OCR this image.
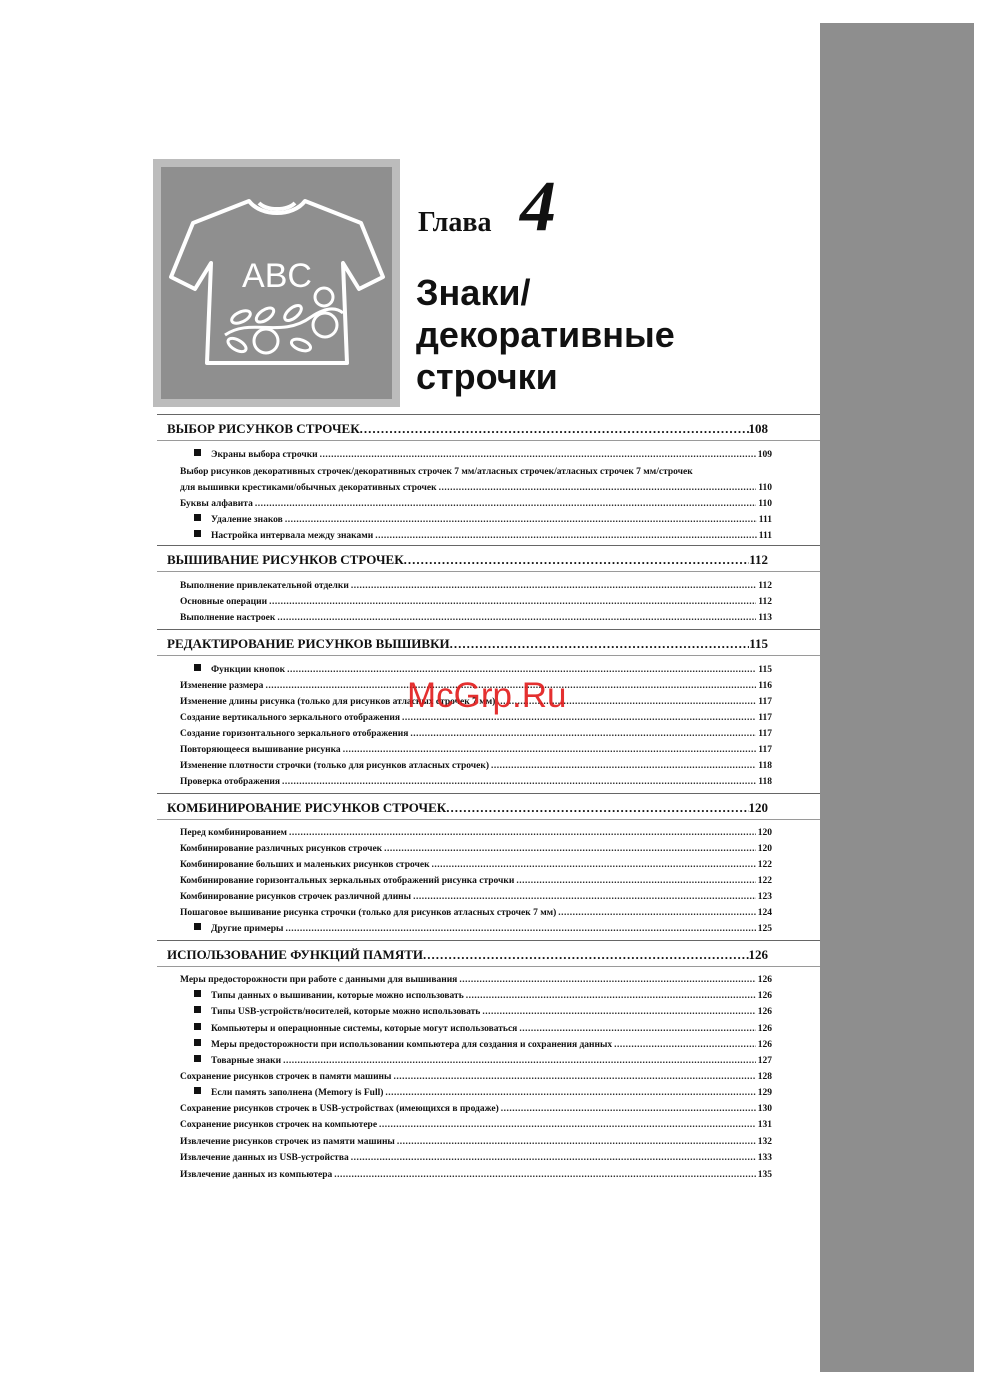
ABC
Глава 4
Знаки/
декоративные
строчки
ВЫБОР РИСУНКОВ СТРОЧЕК .....	108
Экраны выбора строчки .....	109
Выбор рисунков декоративных строчек/декоративных строчек 7 мм/атласных строчек/атласных строчек 7 мм/строчек
для вышивки крестиками/обычных декоративных строчек .....	110
Буквы алфавита .....	110
Удаление знаков .....	111
Настройка интервала между знаками .....	111
ВЫШИВАНИЕ РИСУНКОВ СТРОЧЕК .....	112
Выполнение привлекательной отделки .....	112
Основные операции .....	112
Выполнение настроек .....	113
РЕДАКТИРОВАНИЕ РИСУНКОВ ВЫШИВКИ .....	115
Функции кнопок .....	115
Изменение размера .....	116
Изменение длины рисунка (только для рисунков атласных строчек 7 мм) .....	117
Создание вертикального зеркального отображения .....	117
Создание горизонтального зеркального отображения .....	117
Повторяющееся вышивание рисунка .....	117
Изменение плотности строчки (только для рисунков атласных строчек) .....	118
Проверка отображения .....	118
КОМБИНИРОВАНИЕ РИСУНКОВ СТРОЧЕК .....	120
Перед комбинированием .....	120
Комбинирование различных рисунков строчек .....	120
Комбинирование больших и маленьких рисунков строчек .....	122
Комбинирование горизонтальных зеркальных отображений рисунка строчки .....	122
Комбинирование рисунков строчек различной длины .....	123
Пошаговое вышивание рисунка строчки (только для рисунков атласных строчек 7 мм) .....	124
Другие примеры .....	125
ИСПОЛЬЗОВАНИЕ ФУНКЦИЙ ПАМЯТИ .....	126
Меры предосторожности при работе с данными для вышивания .....	126
Типы данных о вышивании, которые можно использовать .....	126
Типы USB-устройств/носителей, которые можно использовать .....	126
Компьютеры и операционные системы, которые могут использоваться .....	126
Меры предосторожности при использовании компьютера для создания и сохранения данных .....	126
Товарные знаки .....	127
Сохранение рисунков строчек в памяти машины .....	128
Если память заполнена (Memory is Full) .....	129
Сохранение рисунков строчек в USB-устройствах (имеющихся в продаже) .....	130
Сохранение рисунков строчек на компьютере .....	131
Извлечение рисунков строчек из памяти машины .....	132
Извлечение данных из USB-устройства .....	133
Извлечение данных из компьютера .....	135
McGrp.Ru
